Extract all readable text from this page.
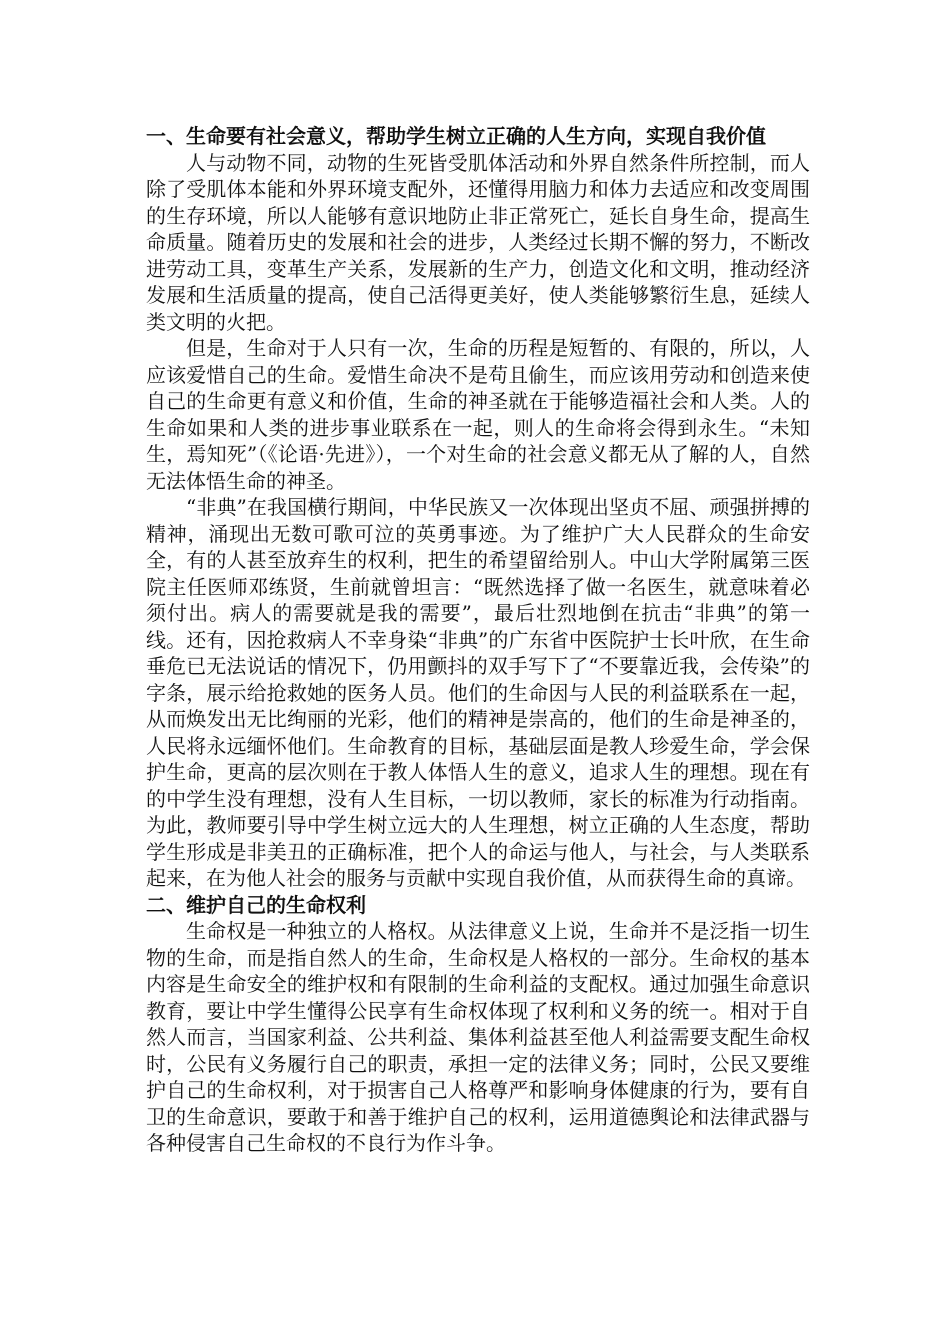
一、生命要有社会意义，帮助学生树立正确的人生方向，实现自我价值

人与动物不同，动物的生死皆受肌体活动和外界自然条件所控制，而人除了受肌体本能和外界环境支配外，还懂得用脑力和体力去适应和改变周围的生存环境，所以人能够有意识地防止非正常死亡，延长自身生命，提高生命质量。随着历史的发展和社会的进步，人类经过长期不懈的努力，不断改进劳动工具，变革生产关系，发展新的生产力，创造文化和文明，推动经济发展和生活质量的提高，使自己活得更美好，使人类能够繁衍生息，延续人类文明的火把。

但是，生命对于人只有一次，生命的历程是短暂的、有限的，所以，人应该爱惜自己的生命。爱惜生命决不是苟且偷生，而应该用劳动和创造来使自己的生命更有意义和价值，生命的神圣就在于能够造福社会和人类。人的生命如果和人类的进步事业联系在一起，则人的生命将会得到永生。“未知生，焉知死”（《论语·先进》），一个对生命的社会意义都无从了解的人，自然无法体悟生命的神圣。

“非典”在我国横行期间，中华民族又一次体现出坚贞不屈、顽强拼搏的精神，涌现出无数可歌可泣的英勇事迹。为了维护广大人民群众的生命安全，有的人甚至放弃生的权利，把生的希望留给别人。中山大学附属第三医院主任医师邓练贤，生前就曾坦言：“既然选择了做一名医生，就意味着必须付出。病人的需要就是我的需要”，最后壮烈地倒在抗击“非典”的第一线。还有，因抢救病人不幸身染“非典”的广东省中医院护士长叶欣，在生命垂危已无法说话的情况下，仍用颤抖的双手写下了“不要靠近我，会传染”的字条，展示给抢救她的医务人员。他们的生命因与人民的利益联系在一起，从而焕发出无比绚丽的光彩，他们的精神是崇高的，他们的生命是神圣的，人民将永远缅怀他们。生命教育的目标，基础层面是教人珍爱生命，学会保护生命，更高的层次则在于教人体悟人生的意义，追求人生的理想。现在有的中学生没有理想，没有人生目标，一切以教师，家长的标准为行动指南。为此，教师要引导中学生树立远大的人生理想，树立正确的人生态度，帮助学生形成是非美丑的正确标准，把个人的命运与他人，与社会，与人类联系起来，在为他人社会的服务与贡献中实现自我价值，从而获得生命的真谛。

二、维护自己的生命权利

生命权是一种独立的人格权。从法律意义上说，生命并不是泛指一切生物的生命，而是指自然人的生命，生命权是人格权的一部分。生命权的基本内容是生命安全的维护权和有限制的生命利益的支配权。通过加强生命意识教育，要让中学生懂得公民享有生命权体现了权利和义务的统一。相对于自然人而言，当国家利益、公共利益、集体利益甚至他人利益需要支配生命权时，公民有义务履行自己的职责，承担一定的法律义务；同时，公民又要维护自己的生命权利，对于损害自己人格尊严和影响身体健康的行为，要有自卫的生命意识，要敢于和善于维护自己的权利，运用道德舆论和法律武器与各种侵害自己生命权的不良行为作斗争。
